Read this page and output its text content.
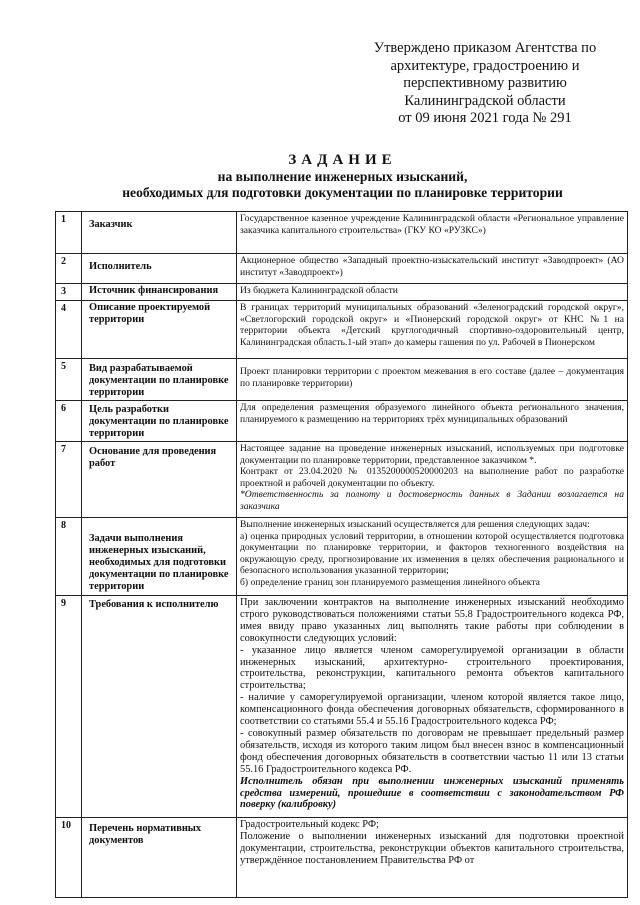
Утверждено приказом Агентства по
архитектуре, градостроению и
перспективному развитию
Калининградской области
от 09 июня 2021 года № 291
ЗАДАНИЕ
на выполнение инженерных изысканий,
необходимых для подготовки документации по планировке территории
1	Заказчик	Государственное казенное учреждение Калининградской области «Региональное управление заказчика капитального строительства» (ГКУ КО «РУЗКС»)

2	Исполнитель	Акционерное общество «Западный проектно-изыскательский институт «Заводпроект» (АО институт «Заводпроект»)

3	Источник финансирования	Из бюджета Калининградской области

4	Описание проектируемой территории	В границах территорий муниципальных образований «Зеленоградский городской округ», «Светлогорский городской округ» и «Пионерский городской округ» от КНС №1 на территории объекта «Детский круглогодичный спортивно-оздоровительный центр, Калининградская область.1-ый этап» до камеры гашения по ул. Рабочей в Пионерском

5	Вид разрабатываемой документации по планировке территории	Проект планировки территории с проектом межевания в его составе (далее – документация по планировке территории)

6	Цель разработки документации по планировке территории	Для определения размещения образуемого линейного объекта регионального значения, планируемого к размещению на территориях трёх муниципальных образований

7	Основание для проведения работ	Настоящее задание на проведение инженерных изысканий, используемых при подготовке документации по планировке территории, представленное заказчиком *.

Контракт от 23.04.2020 № 0135200000520000203 на выполнение работ по разработке проектной и рабочей документации по объекту.

*Ответственность за полноту и достоверность данных в Задании возлагается на заказчика

8	Задачи выполнения инженерных изысканий, необходимых для подготовки документации по планировке территории	Выполнение инженерных изысканий осуществляется для решения следующих задач:

а) оценка природных условий территории, в отношении которой осуществляется подготовка документации по планировке территории, и факторов техногенного воздействия на окружающую среду, прогнозирование их изменения в целях обеспечения рационального и безопасного использования указанной территории;

б) определение границ зон планируемого размещения линейного объекта

9	Требования к исполнителю	При заключении контрактов на выполнение инженерных изысканий необходимо строго руководствоваться положениями статьи 55.8 Градостроительного кодекса РФ, имея ввиду право указанных лиц выполнять такие работы при соблюдении в совокупности следующих условий:

- указанное лицо является членом саморегулируемой организации в области инженерных изысканий, архитектурно- строительного проектирования, строительства, реконструкции, капитального ремонта объектов капитального строительства;

- наличие у саморегулируемой организации, членом которой является такое лицо, компенсационного фонда обеспечения договорных обязательств, сформированного в соответствии со статьями 55.4 и 55.16 Градостроительного кодекса РФ;

- совокупный размер обязательств по договорам не превышает предельный размер обязательств, исходя из которого таким лицом был внесен взнос в компенсационный фонд обеспечения договорных обязательств в соответствии частью 11 или 13 статьи 55.16 Градостроительного кодекса РФ.

Исполнитель обязан при выполнении инженерных изысканий применять средства измерений, прошедшие в соответствии с законодательством РФ поверку (калибровку)

10	Перечень нормативных документов	Градостроительный кодекс РФ;

Положение о выполнении инженерных изысканий для подготовки проектной документации, строительства, реконструкции объектов капитального строительства, утверждённое постановлением Правительства РФ от
